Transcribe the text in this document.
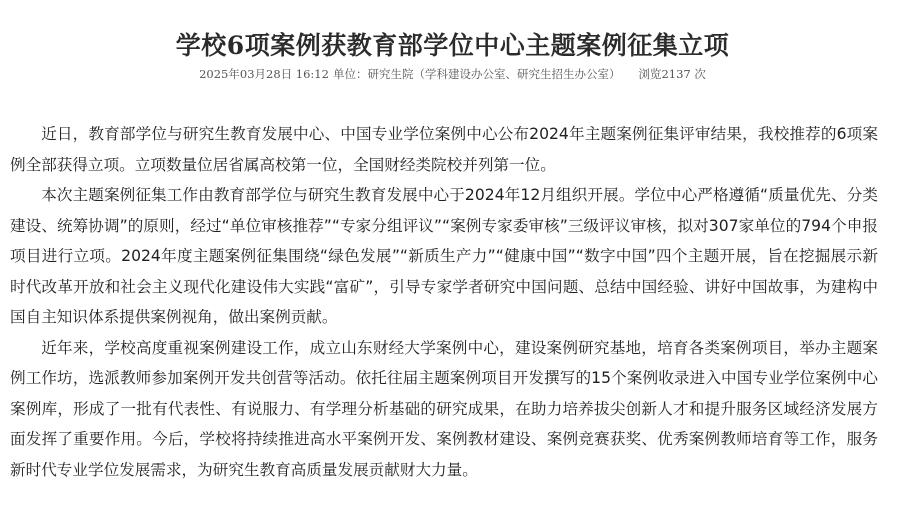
学校6项案例获教育部学位中心主题案例征集立项
2025年03月28日 16:12 单位：研究生院（学科建设办公室、研究生招生办公室） 浏览2137 次

近日，教育部学位与研究生教育发展中心、中国专业学位案例中心公布2024年主题案例征集评审结果，我校推荐的6项案例全部获得立项。立项数量位居省属高校第一位，全国财经类院校并列第一位。

本次主题案例征集工作由教育部学位与研究生教育发展中心于2024年12月组织开展。学位中心严格遵循“质量优先、分类建设、统筹协调”的原则，经过“单位审核推荐”“专家分组评议”“案例专家委审核”三级评议审核，拟对307家单位的794个申报项目进行立项。2024年度主题案例征集围绕“绿色发展”“新质生产力”“健康中国”“数字中国”四个主题开展，旨在挖掘展示新时代改革开放和社会主义现代化建设伟大实践“富矿”，引导专家学者研究中国问题、总结中国经验、讲好中国故事，为建构中国自主知识体系提供案例视角，做出案例贡献。

近年来，学校高度重视案例建设工作，成立山东财经大学案例中心，建设案例研究基地，培育各类案例项目，举办主题案例工作坊，选派教师参加案例开发共创营等活动。依托往届主题案例项目开发撰写的15个案例收录进入中国专业学位案例中心案例库，形成了一批有代表性、有说服力、有学理分析基础的研究成果，在助力培养拔尖创新人才和提升服务区域经济发展方面发挥了重要作用。今后，学校将持续推进高水平案例开发、案例教材建设、案例竞赛获奖、优秀案例教师培育等工作，服务新时代专业学位发展需求，为研究生教育高质量发展贡献财大力量。
